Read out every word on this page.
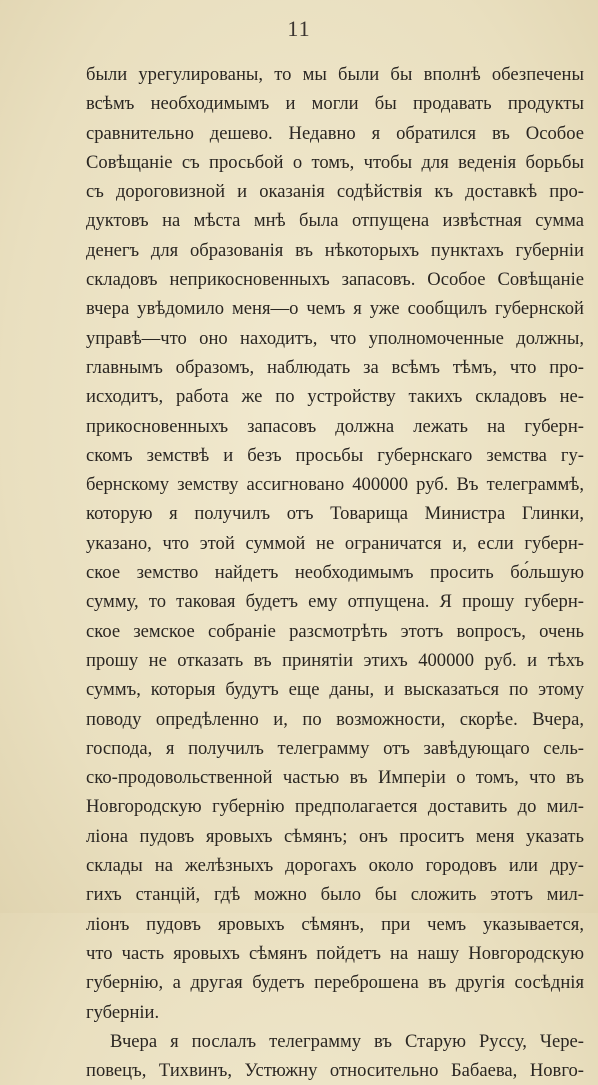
11
были урегулированы, то мы были бы вполнѣ обезпечены
всѣмъ необходимымъ и могли бы продавать продукты
сравнительно дешево. Недавно я обратился въ Особое
Совѣщаніе съ просьбой о томъ, чтобы для веденія борьбы
съ дороговизной и оказанія содѣйствія къ доставкѣ про-
дуктовъ на мѣста мнѣ была отпущена извѣстная сумма
денегъ для образованія въ нѣкоторыхъ пунктахъ губерніи
складовъ неприкосновенныхъ запасовъ. Особое Совѣщаніе
вчера увѣдомило меня—о чемъ я уже сообщилъ губернской
управѣ—что оно находитъ, что уполномоченные должны,
главнымъ образомъ, наблюдать за всѣмъ тѣмъ, что про-
исходитъ, работа же по устройству такихъ складовъ не-
прикосновенныхъ запасовъ должна лежать на губерн-
скомъ земствѣ и безъ просьбы губернскаго земства гу-
бернскому земству ассигновано 400000 руб. Въ телеграммѣ,
которую я получилъ отъ Товарища Министра Глинки,
указано, что этой суммой не ограничатся и, если губерн-
ское земство найдетъ необходимымъ просить бо́льшую
сумму, то таковая будетъ ему отпущена. Я прошу губерн-
ское земское собраніе разсмотрѣть этотъ вопросъ, очень
прошу не отказать въ принятіи этихъ 400000 руб. и тѣхъ
суммъ, которыя будутъ еще даны, и высказаться по этому
поводу опредѣленно и, по возможности, скорѣе. Вчера,
господа, я получилъ телеграмму отъ завѣдующаго сель-
ско-продовольственной частью въ Имперіи о томъ, что въ
Новгородскую губернію предполагается доставить до мил-
ліона пудовъ яровыхъ сѣмянъ; онъ проситъ меня указать
склады на желѣзныхъ дорогахъ около городовъ или дру-
гихъ станцій, гдѣ можно было бы сложить этотъ мил-
ліонъ пудовъ яровыхъ сѣмянъ, при чемъ указывается,
что часть яровыхъ сѣмянъ пойдетъ на нашу Новгородскую
губернію, а другая будетъ переброшена въ другія сосѣднія
губерніи.
Вчера я послалъ телеграмму въ Старую Руссу, Чере-
повецъ, Тихвинъ, Устюжну относительно Бабаева, Новго-
